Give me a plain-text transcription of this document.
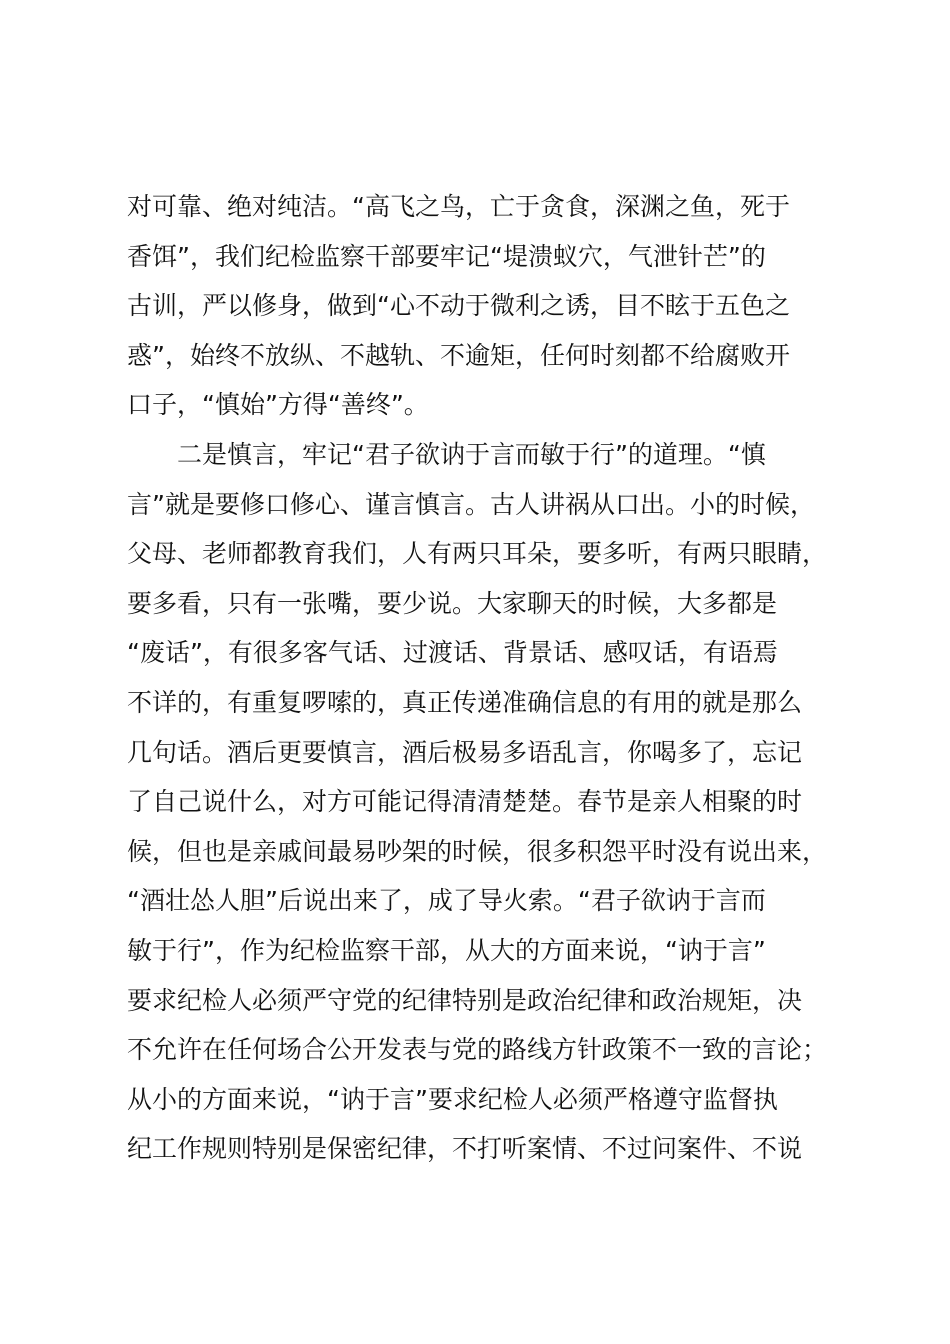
对可靠、绝对纯洁。“高飞之鸟，亡于贪食，深渊之鱼，死于
香饵”，我们纪检监察干部要牢记“堤溃蚁穴，气泄针芒”的
古训，严以修身，做到“心不动于微利之诱，目不眩于五色之
惑”，始终不放纵、不越轨、不逾矩，任何时刻都不给腐败开
口子，“慎始”方得“善终”。
　　二是慎言，牢记“君子欲讷于言而敏于行”的道理。“慎
言”就是要修口修心、谨言慎言。古人讲祸从口出。小的时候，
父母、老师都教育我们，人有两只耳朵，要多听，有两只眼睛，
要多看，只有一张嘴，要少说。大家聊天的时候，大多都是
“废话”，有很多客气话、过渡话、背景话、感叹话，有语焉
不详的，有重复啰嗦的，真正传递准确信息的有用的就是那么
几句话。酒后更要慎言，酒后极易多语乱言，你喝多了，忘记
了自己说什么，对方可能记得清清楚楚。春节是亲人相聚的时
候，但也是亲戚间最易吵架的时候，很多积怨平时没有说出来，
“酒壮怂人胆”后说出来了，成了导火索。“君子欲讷于言而
敏于行”，作为纪检监察干部，从大的方面来说，“讷于言”
要求纪检人必须严守党的纪律特别是政治纪律和政治规矩，决
不允许在任何场合公开发表与党的路线方针政策不一致的言论；
从小的方面来说，“讷于言”要求纪检人必须严格遵守监督执
纪工作规则特别是保密纪律，不打听案情、不过问案件、不说
